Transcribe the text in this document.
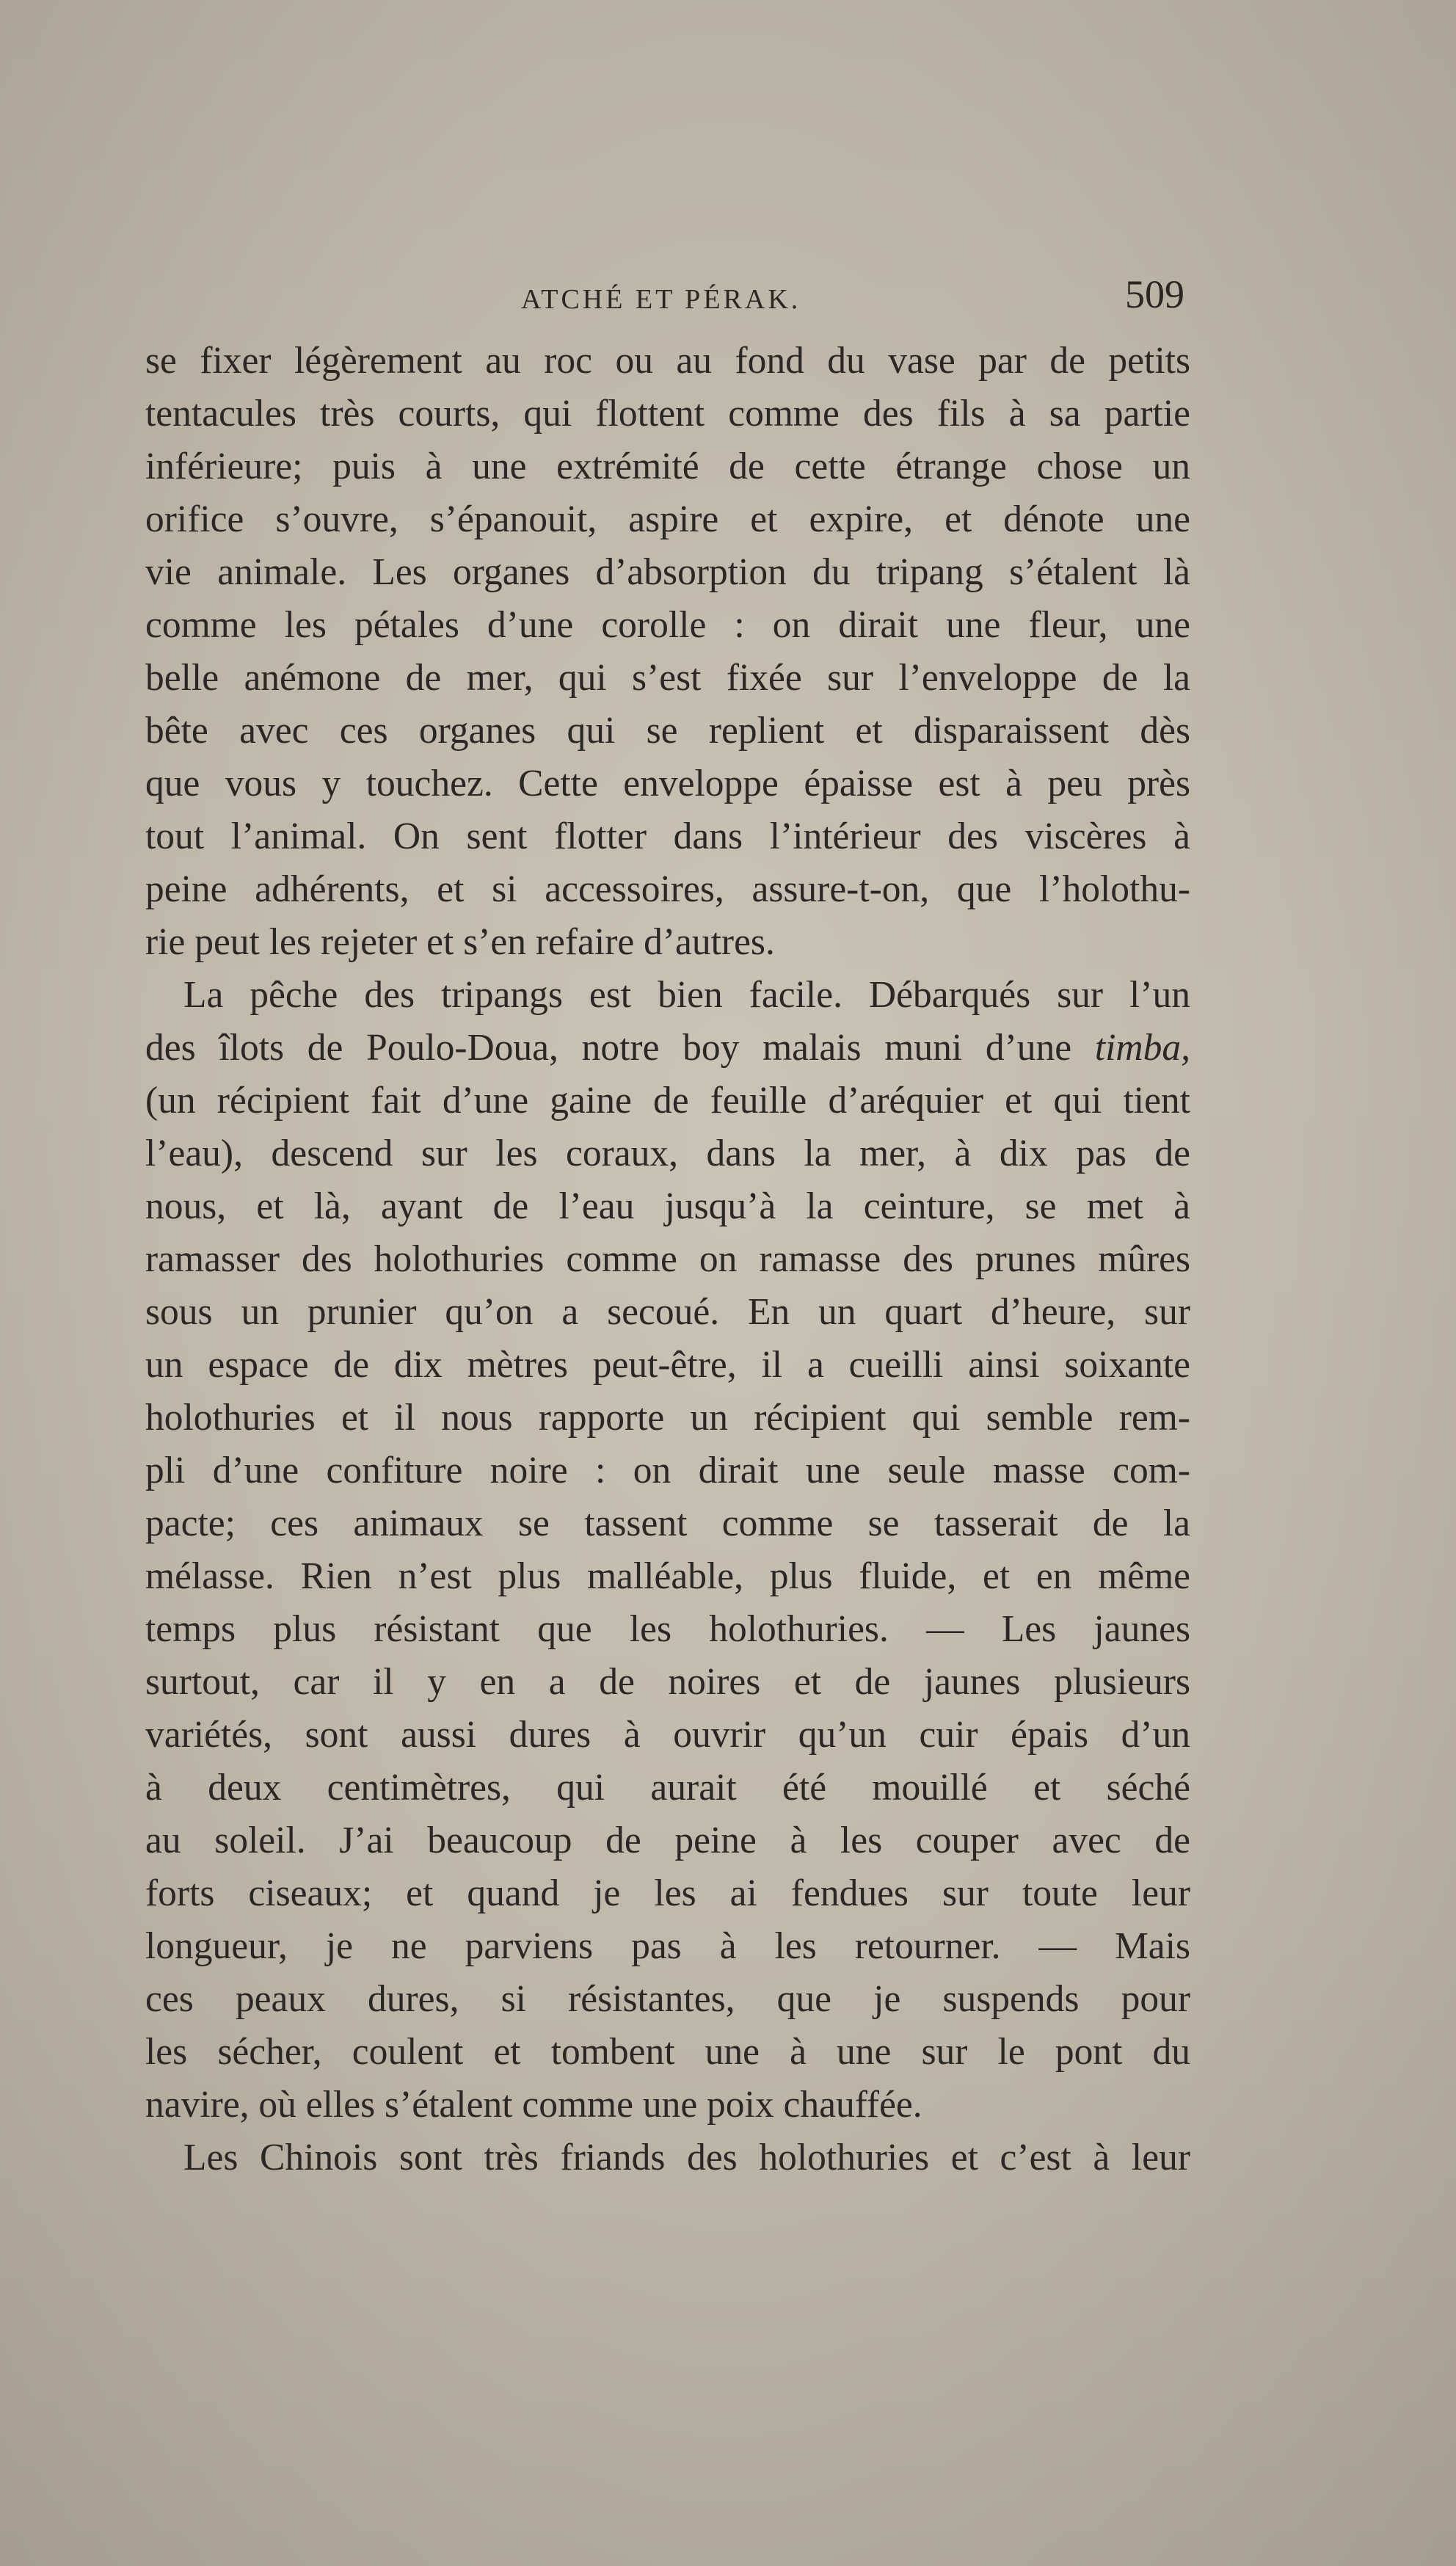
ATCHÉ ET PÉRAK.	509

se fixer légèrement au roc ou au fond du vase par de petits

tentacules très courts, qui flottent comme des fils à sa partie

inférieure; puis à une extrémité de cette étrange chose un

orifice s’ouvre, s’épanouit, aspire et expire, et dénote une

vie animale. Les organes d’absorption du tripang s’étalent là

comme les pétales d’une corolle : on dirait une fleur, une

belle anémone de mer, qui s’est fixée sur l’enveloppe de la

bête avec ces organes qui se replient et disparaissent dès

que vous y touchez. Cette enveloppe épaisse est à peu près

tout l’animal. On sent flotter dans l’intérieur des viscères à

peine adhérents, et si accessoires, assure-t-on, que l’holothu-

rie peut les rejeter et s’en refaire d’autres.

La pêche des tripangs est bien facile. Débarqués sur l’un

des îlots de Poulo-Doua, notre boy malais muni d’une timba,

(un récipient fait d’une gaine de feuille d’aréquier et qui tient

l’eau), descend sur les coraux, dans la mer, à dix pas de

nous, et là, ayant de l’eau jusqu’à la ceinture, se met à

ramasser des holothuries comme on ramasse des prunes mûres

sous un prunier qu’on a secoué. En un quart d’heure, sur

un espace de dix mètres peut-être, il a cueilli ainsi soixante

holothuries et il nous rapporte un récipient qui semble rem-

pli d’une confiture noire : on dirait une seule masse com-

pacte; ces animaux se tassent comme se tasserait de la

mélasse. Rien n’est plus malléable, plus fluide, et en même

temps plus résistant que les holothuries. — Les jaunes

surtout, car il y en a de noires et de jaunes plusieurs

variétés, sont aussi dures à ouvrir qu’un cuir épais d’un

à deux centimètres, qui aurait été mouillé et séché

au soleil. J’ai beaucoup de peine à les couper avec de

forts ciseaux; et quand je les ai fendues sur toute leur

longueur, je ne parviens pas à les retourner. — Mais

ces peaux dures, si résistantes, que je suspends pour

les sécher, coulent et tombent une à une sur le pont du

navire, où elles s’étalent comme une poix chauffée.

Les Chinois sont très friands des holothuries et c’est à leur
